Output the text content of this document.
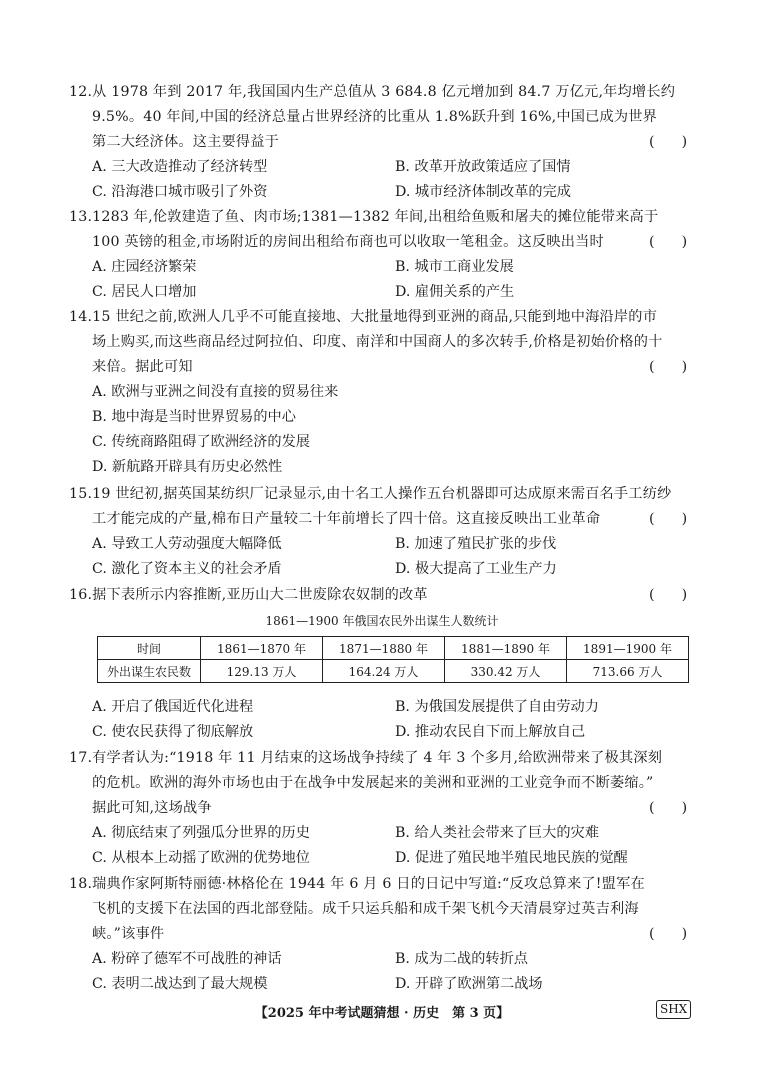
12.从 1978 年到 2017 年,我国国内生产总值从 3 684.8 亿元增加到 84.7 万亿元,年均增长约
9.5%。40 年间,中国的经济总量占世界经济的比重从 1.8%跃升到 16%,中国已成为世界
第二大经济体。这主要得益于	(      )
A. 三大改造推动了经济转型	B. 改革开放政策适应了国情
C. 沿海港口城市吸引了外资	D. 城市经济体制改革的完成
13.1283 年,伦敦建造了鱼、肉市场;1381—1382 年间,出租给鱼贩和屠夫的摊位能带来高于
100 英镑的租金,市场附近的房间出租给布商也可以收取一笔租金。这反映出当时	(      )
A. 庄园经济繁荣	B. 城市工商业发展
C. 居民人口增加	D. 雇佣关系的产生
14.15 世纪之前,欧洲人几乎不可能直接地、大批量地得到亚洲的商品,只能到地中海沿岸的市
场上购买,而这些商品经过阿拉伯、印度、南洋和中国商人的多次转手,价格是初始价格的十
来倍。据此可知	(      )
A. 欧洲与亚洲之间没有直接的贸易往来
B. 地中海是当时世界贸易的中心
C. 传统商路阻碍了欧洲经济的发展
D. 新航路开辟具有历史必然性
15.19 世纪初,据英国某纺织厂记录显示,由十名工人操作五台机器即可达成原来需百名手工纺纱
工才能完成的产量,棉布日产量较二十年前增长了四十倍。这直接反映出工业革命	(      )
A. 导致工人劳动强度大幅降低	B. 加速了殖民扩张的步伐
C. 激化了资本主义的社会矛盾	D. 极大提高了工业生产力
16.据下表所示内容推断,亚历山大二世废除农奴制的改革	(      )
1861—1900 年俄国农民外出谋生人数统计
时间	1861—1870 年	1871—1880 年	1881—1890 年	1891—1900 年
外出谋生农民数	129.13 万人	164.24 万人	330.42 万人	713.66 万人
A. 开启了俄国近代化进程	B. 为俄国发展提供了自由劳动力
C. 使农民获得了彻底解放	D. 推动农民自下而上解放自己
17.有学者认为:“1918 年 11 月结束的这场战争持续了 4 年 3 个多月,给欧洲带来了极其深刻
的危机。欧洲的海外市场也由于在战争中发展起来的美洲和亚洲的工业竞争而不断萎缩。”
据此可知,这场战争	(      )
A. 彻底结束了列强瓜分世界的历史	B. 给人类社会带来了巨大的灾难
C. 从根本上动摇了欧洲的优势地位	D. 促进了殖民地半殖民地民族的觉醒
18.瑞典作家阿斯特丽德·林格伦在 1944 年 6 月 6 日的日记中写道:“反攻总算来了!盟军在
飞机的支援下在法国的西北部登陆。成千只运兵船和成千架飞机今天清晨穿过英吉利海
峡。”该事件	(      )
A. 粉碎了德军不可战胜的神话	B. 成为二战的转折点
C. 表明二战达到了最大规模	D. 开辟了欧洲第二战场
【2025 年中考试题猜想 · 历史　第 3 页】	SHX
